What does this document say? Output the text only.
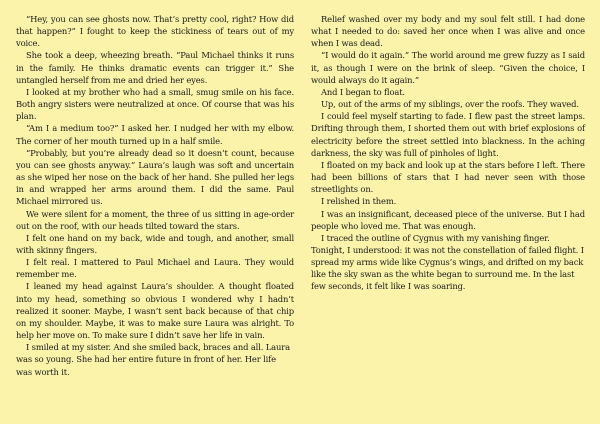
“Hey, you can see ghosts now. That’s pretty cool, right? How did that happen?” I fought to keep the stickiness of tears out of my voice.

She took a deep, wheezing breath. “Paul Michael thinks it runs in the family. He thinks dramatic events can trigger it.” She untangled herself from me and dried her eyes.

I looked at my brother who had a small, smug smile on his face. Both angry sisters were neutralized at once. Of course that was his plan.

“Am I a medium too?” I asked her. I nudged her with my elbow. The corner of her mouth turned up in a half smile.

“Probably, but you’re already dead so it doesn’t count, because you can see ghosts anyway.” Laura’s laugh was soft and uncertain as she wiped her nose on the back of her hand. She pulled her legs in and wrapped her arms around them. I did the same. Paul Michael mirrored us.

We were silent for a moment, the three of us sitting in age-order out on the roof, with our heads tilted toward the stars.

I felt one hand on my back, wide and tough, and another, small with skinny fingers.

I felt real. I mattered to Paul Michael and Laura. They would remember me.

I leaned my head against Laura’s shoulder. A thought floated into my head, something so obvious I wondered why I hadn’t realized it sooner. Maybe, I wasn’t sent back because of that chip on my shoulder. Maybe, it was to make sure Laura was alright. To help her move on. To make sure I didn’t save her life in vain.

I smiled at my sister. And she smiled back, braces and all. Laura was so young. She had her entire future in front of her. Her life was worth it.

Relief washed over my body and my soul felt still. I had done what I needed to do: saved her once when I was alive and once when I was dead.

“I would do it again.” The world around me grew fuzzy as I said it, as though I were on the brink of sleep. “Given the choice, I would always do it again.”

And I began to float.

Up, out of the arms of my siblings, over the roofs. They waved.

I could feel myself starting to fade. I flew past the street lamps. Drifting through them, I shorted them out with brief explosions of electricity before the street settled into blackness. In the aching darkness, the sky was full of pinholes of light.

I floated on my back and look up at the stars before I left. There had been billions of stars that I had never seen with those streetlights on.

I relished in them.

I was an insignificant, deceased piece of the universe. But I had people who loved me. That was enough.

I traced the outline of Cygnus with my vanishing finger. Tonight, I understood: it was not the constellation of failed flight. I spread my arms wide like Cygnus’s wings, and drifted on my back like the sky swan as the white began to surround me. In the last few seconds, it felt like I was soaring.
